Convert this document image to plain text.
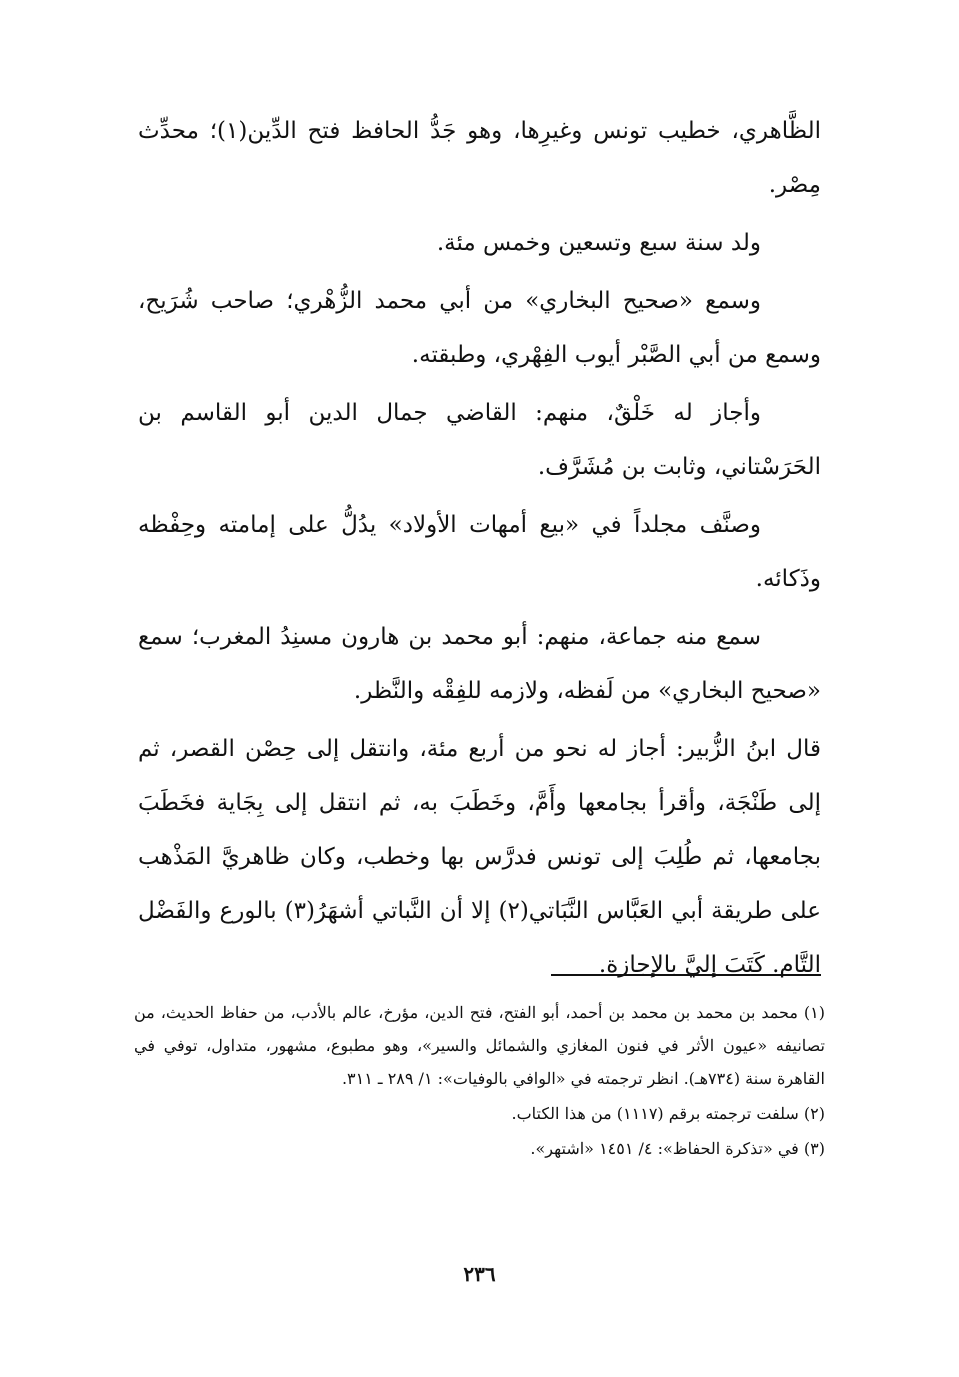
الظَّاهري، خطيب تونس وغيرِها، وهو جَدُّ الحافظ فتح الدِّين(١)؛ محدِّث مِصْر.

ولد سنة سبع وتسعين وخمس مئة.

وسمع «صحيح البخاري» من أبي محمد الزُّهْري؛ صاحب شُرَيح، وسمع من أبي الصَّبْر أيوب الفِهْري، وطبقته.

وأجاز له خَلْقٌ، منهم: القاضي جمال الدين أبو القاسم بن الحَرَسْتاني، وثابت بن مُشَرَّف.

وصنَّف مجلداً في «بيع أمهات الأولاد» يدُلُّ على إمامته وحِفْظه وذَكائه.

سمع منه جماعة، منهم: أبو محمد بن هارون مسنِدُ المغرب؛ سمع «صحيح البخاري» من لَفظه، ولازمه للفِقْه والنَّظر.

قال ابنُ الزُّبير: أجاز له نحو من أربع مئة، وانتقل إلى حِصْن القصر، ثم إلى طَنْجَة، وأقرأ بجامعها وأَمَّ، وخَطَبَ به، ثم انتقل إلى بِجَاية فخَطَبَ بجامعها، ثم طُلِبَ إلى تونس فدرَّس بها وخطب، وكان ظاهريَّ المَذْهب على طريقة أبي العَبَّاس النَّبَاتي(٢) إلا أن النَّباتي أشهَرُ(٣) بالورع والفَضْل التَّام. كَتَبَ إليَّ بالإجازة.

(١) محمد بن محمد بن محمد بن أحمد، أبو الفتح، فتح الدين، مؤرخ، عالم بالأدب، من حفاظ الحديث، من تصانيفه «عيون الأثر في فنون المغازي والشمائل والسير»، وهو مطبوع، مشهور، متداول، توفي في القاهرة سنة (٧٣٤هـ). انظر ترجمته في «الوافي بالوفيات»: ١/ ٢٨٩ ـ ٣١١.

(٢) سلفت ترجمته برقم (١١١٧) من هذا الكتاب.

(٣) في «تذكرة الحفاظ»: ٤/ ١٤٥١ «اشتهر».

٢٣٦
